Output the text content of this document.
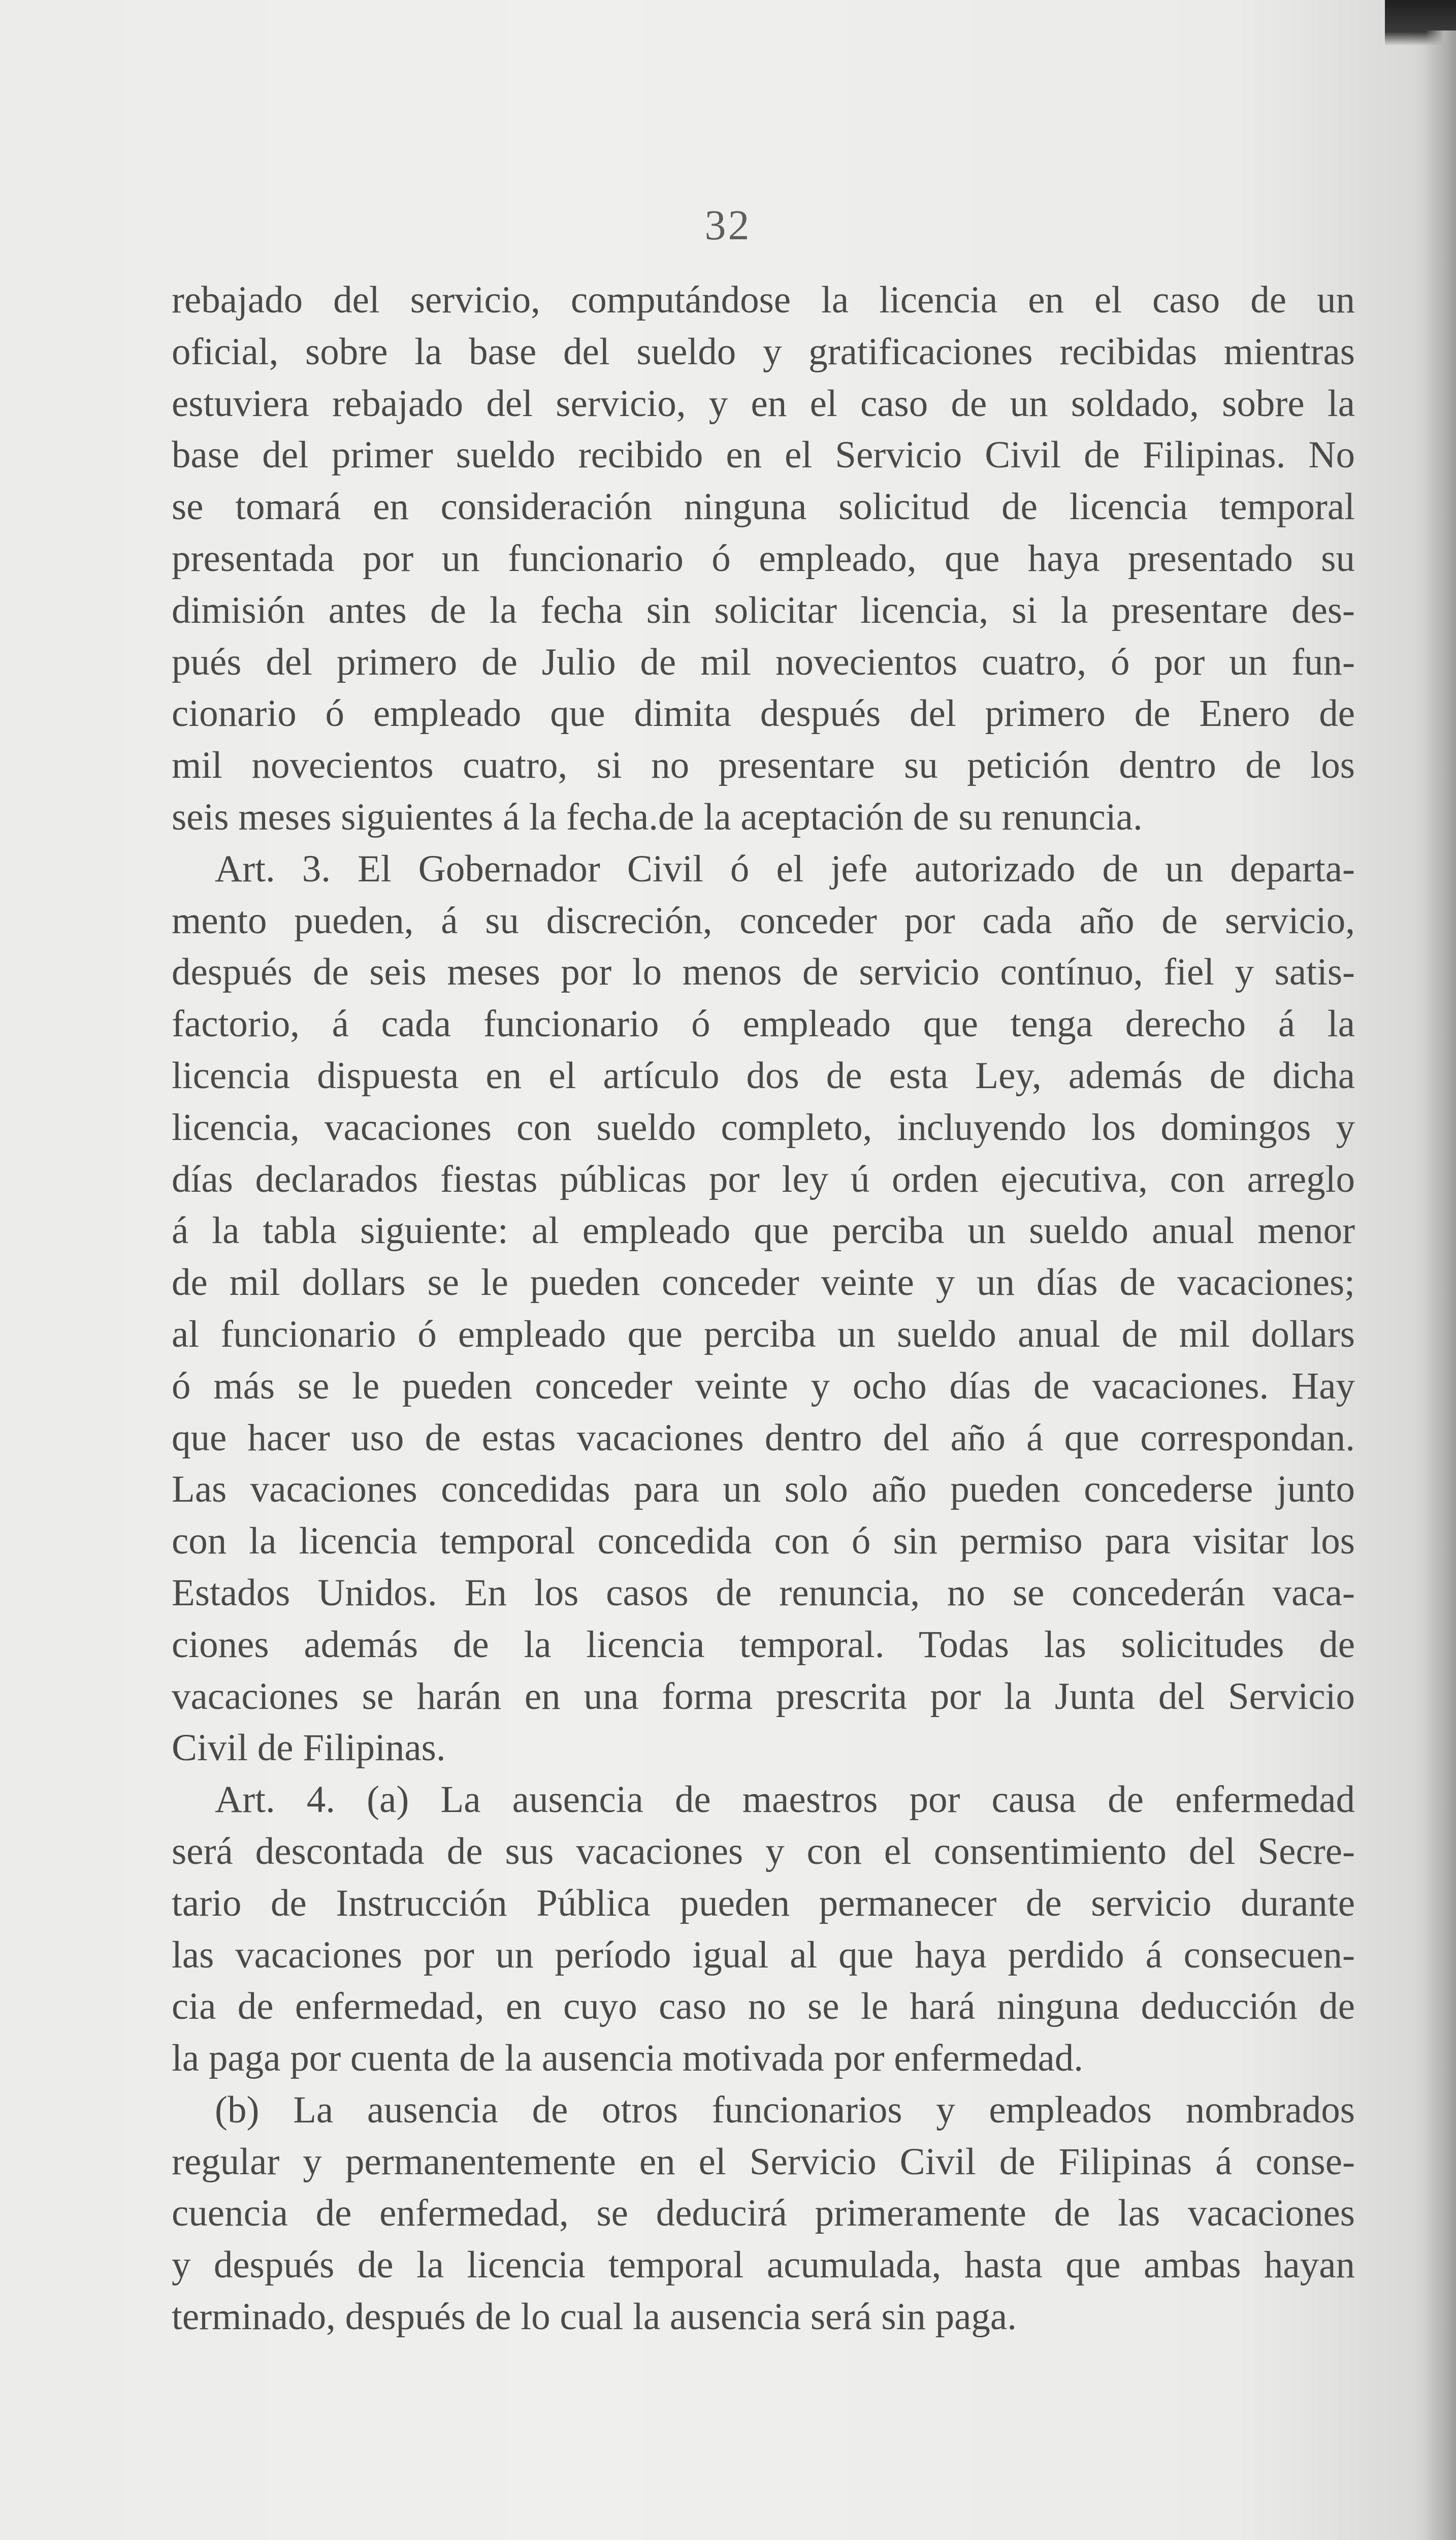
32
rebajado del servicio, computándose la licencia en el caso de un
oficial, sobre la base del sueldo y gratificaciones recibidas mientras
estuviera rebajado del servicio, y en el caso de un soldado, sobre la
base del primer sueldo recibido en el Servicio Civil de Filipinas. No
se tomará en consideración ninguna solicitud de licencia temporal
presentada por un funcionario ó empleado, que haya presentado su
dimisión antes de la fecha sin solicitar licencia, si la presentare des-
pués del primero de Julio de mil novecientos cuatro, ó por un fun-
cionario ó empleado que dimita después del primero de Enero de
mil novecientos cuatro, si no presentare su petición dentro de los
seis meses siguientes á la fecha.de la aceptación de su renuncia.
Art. 3. El Gobernador Civil ó el jefe autorizado de un departa-
mento pueden, á su discreción, conceder por cada año de servicio,
después de seis meses por lo menos de servicio contínuo, fiel y satis-
factorio, á cada funcionario ó empleado que tenga derecho á la
licencia dispuesta en el artículo dos de esta Ley, además de dicha
licencia, vacaciones con sueldo completo, incluyendo los domingos y
días declarados fiestas públicas por ley ú orden ejecutiva, con arreglo
á la tabla siguiente: al empleado que perciba un sueldo anual menor
de mil dollars se le pueden conceder veinte y un días de vacaciones;
al funcionario ó empleado que perciba un sueldo anual de mil dollars
ó más se le pueden conceder veinte y ocho días de vacaciones. Hay
que hacer uso de estas vacaciones dentro del año á que correspondan.
Las vacaciones concedidas para un solo año pueden concederse junto
con la licencia temporal concedida con ó sin permiso para visitar los
Estados Unidos. En los casos de renuncia, no se concederán vaca-
ciones además de la licencia temporal. Todas las solicitudes de
vacaciones se harán en una forma prescrita por la Junta del Servicio
Civil de Filipinas.
Art. 4. (a) La ausencia de maestros por causa de enfermedad
será descontada de sus vacaciones y con el consentimiento del Secre-
tario de Instrucción Pública pueden permanecer de servicio durante
las vacaciones por un período igual al que haya perdido á consecuen-
cia de enfermedad, en cuyo caso no se le hará ninguna deducción de
la paga por cuenta de la ausencia motivada por enfermedad.
(b) La ausencia de otros funcionarios y empleados nombrados
regular y permanentemente en el Servicio Civil de Filipinas á conse-
cuencia de enfermedad, se deducirá primeramente de las vacaciones
y después de la licencia temporal acumulada, hasta que ambas hayan
terminado, después de lo cual la ausencia será sin paga.
